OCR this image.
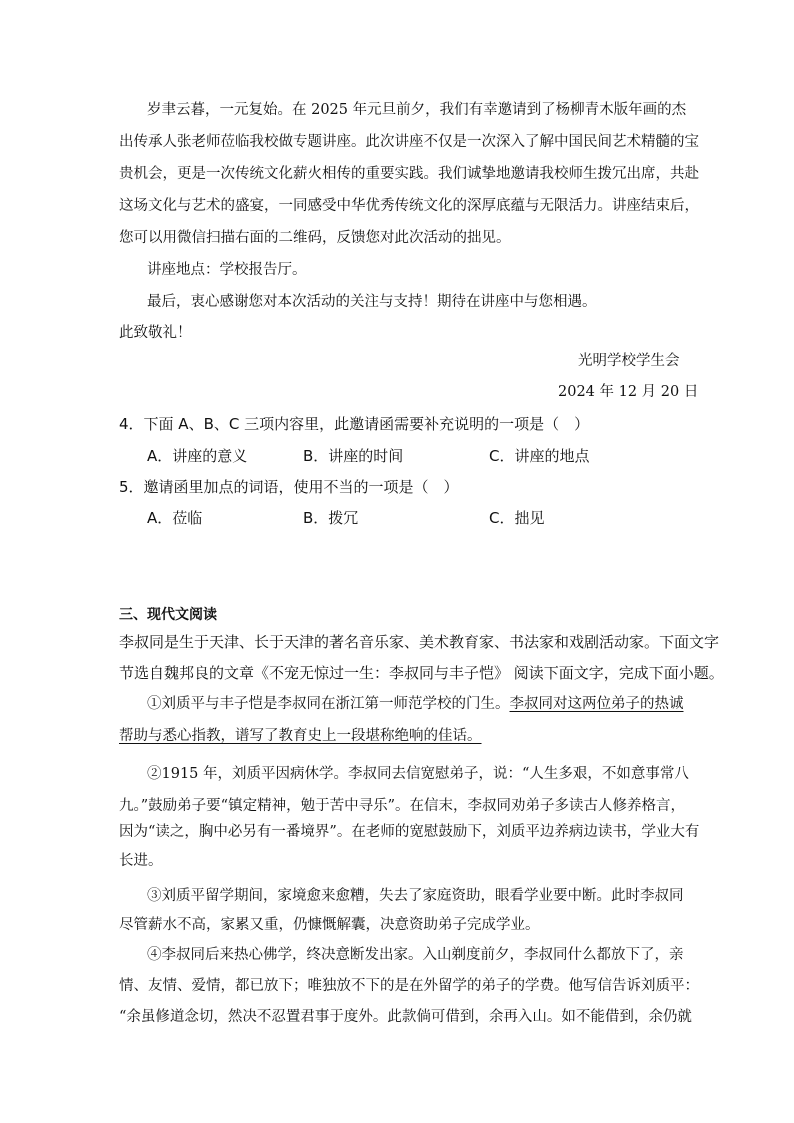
岁聿云暮，一元复始。在 2025 年元旦前夕，我们有幸邀请到了杨柳青木版年画的杰
出传承人张老师莅临我校做专题讲座。此次讲座不仅是一次深入了解中国民间艺术精髓的宝
贵机会，更是一次传统文化薪火相传的重要实践。我们诚挚地邀请我校师生拨冗出席，共赴
这场文化与艺术的盛宴，一同感受中华优秀传统文化的深厚底蕴与无限活力。讲座结束后，
您可以用微信扫描右面的二维码，反馈您对此次活动的拙见。
讲座地点：学校报告厅。
最后，衷心感谢您对本次活动的关注与支持！期待在讲座中与您相遇。
此致敬礼！
光明学校学生会
2024 年 12 月 20 日
4．下面 A、B、C 三项内容里，此邀请函需要补充说明的一项是（　）
A．讲座的意义	B．讲座的时间	C．讲座的地点
5．邀请函里加点的词语，使用不当的一项是（　）
A．莅临	B．拨冗	C．拙见
三、现代文阅读
李叔同是生于天津、长于天津的著名音乐家、美术教育家、书法家和戏剧活动家。下面文字
节选自魏邦良的文章《不宠无惊过一生：李叔同与丰子恺》 阅读下面文字，完成下面小题。
①刘质平与丰子恺是李叔同在浙江第一师范学校的门生。李叔同对这两位弟子的热诚
帮助与悉心指教，谱写了教育史上一段堪称绝响的佳话。
②1915 年，刘质平因病休学。李叔同去信宽慰弟子，说：“人生多艰，不如意事常八
九。”鼓励弟子要“镇定精神，勉于苦中寻乐”。在信末，李叔同劝弟子多读古人修养格言，
因为“读之，胸中必另有一番境界”。在老师的宽慰鼓励下，刘质平边养病边读书，学业大有
长进。
③刘质平留学期间，家境愈来愈糟，失去了家庭资助，眼看学业要中断。此时李叔同
尽管薪水不高，家累又重，仍慷慨解囊，决意资助弟子完成学业。
④李叔同后来热心佛学，终决意断发出家。入山剃度前夕，李叔同什么都放下了，亲
情、友情、爱情，都已放下；唯独放不下的是在外留学的弟子的学费。他写信告诉刘质平：
“余虽修道念切，然决不忍置君事于度外。此款倘可借到，余再入山。如不能借到，余仍就
